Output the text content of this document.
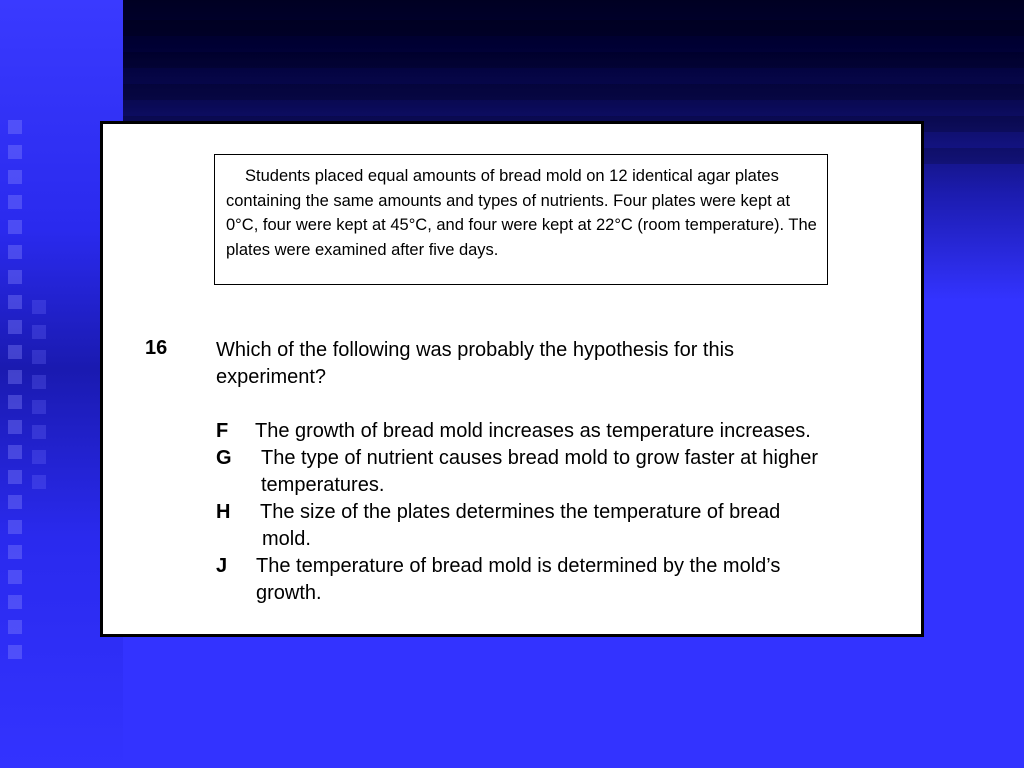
Students placed equal amounts of bread mold on 12 identical agar plates containing the same amounts and types of nutrients. Four plates were kept at 0°C, four were kept at 45°C, and four were kept at 22°C (room temperature). The plates were examined after five days.
16 Which of the following was probably the hypothesis for this
experiment?
F	The growth of bread mold increases as temperature increases.
G	The type of nutrient causes bread mold to grow faster at higher
temperatures.
H	The size of the plates determines the temperature of bread
mold.
J	The temperature of bread mold is determined by the mold’s
growth.
